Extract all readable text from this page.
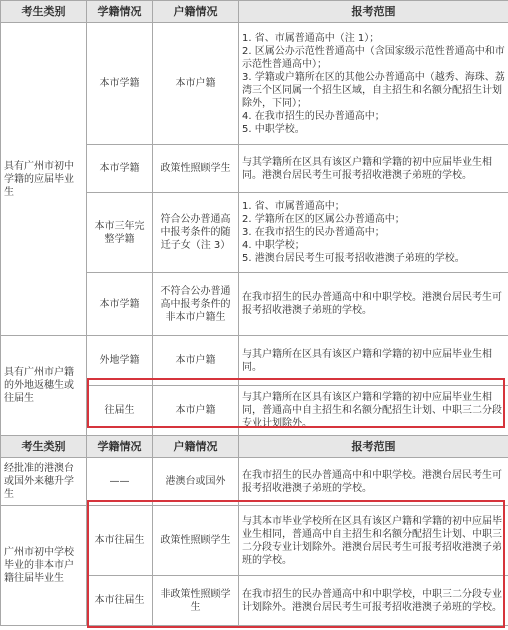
考生类别	学籍情况	户籍情况	报考范围
具有广州市初中学籍的应届毕业生	本市学籍	本市户籍	1. 省、市属普通高中（注 1）；
2. 区属公办示范性普通高中（含国家级示范性普通高中和市示范性普通高中）；
3. 学籍或户籍所在区的其他公办普通高中（越秀、海珠、荔湾三个区同属一个招生区域，自主招生和名额分配招生计划除外，下同）；
4. 在我市招生的民办普通高中；
5. 中职学校。

	本市学籍	政策性照顾学生	与其学籍所在区具有该区户籍和学籍的初中应届毕业生相同。港澳台居民考生可报考招收港澳子弟班的学校。

	本市三年完整学籍	符合公办普通高中报考条件的随迁子女（注 3）	1. 省、市属普通高中；
2. 学籍所在区的区属公办普通高中；
3. 在我市招生的民办普通高中；
4. 中职学校；
5. 港澳台居民考生可报考招收港澳子弟班的学校。

	本市学籍	不符合公办普通高中报考条件的非本市户籍生	在我市招生的民办普通高中和中职学校。港澳台居民考生可报考招收港澳子弟班的学校。

具有广州市户籍的外地返穗生或往届生	外地学籍	本市户籍	与其户籍所在区具有该区户籍和学籍的初中应届毕业生相同。

	往届生	本市户籍	与其户籍所在区具有该区户籍和学籍的初中应届毕业生相同，普通高中自主招生和名额分配招生计划、中职三二分段专业计划除外。

考生类别	学籍情况	户籍情况	报考范围
经批准的港澳台或国外来穗升学生	——	港澳台或国外	在我市招生的民办普通高中和中职学校。港澳台居民考生可报考招收港澳子弟班的学校。

广州市初中学校毕业的非本市户籍往届毕业生	本市往届生	政策性照顾学生	与其本市毕业学校所在区具有该区户籍和学籍的初中应届毕业生相同，普通高中自主招生和名额分配招生计划、中职三二分段专业计划除外。港澳台居民考生可报考招收港澳子弟班的学校。

	本市往届生	非政策性照顾学生	在我市招生的民办普通高中和中职学校，中职三二分段专业计划除外。港澳台居民考生可报考招收港澳子弟班的学校。
